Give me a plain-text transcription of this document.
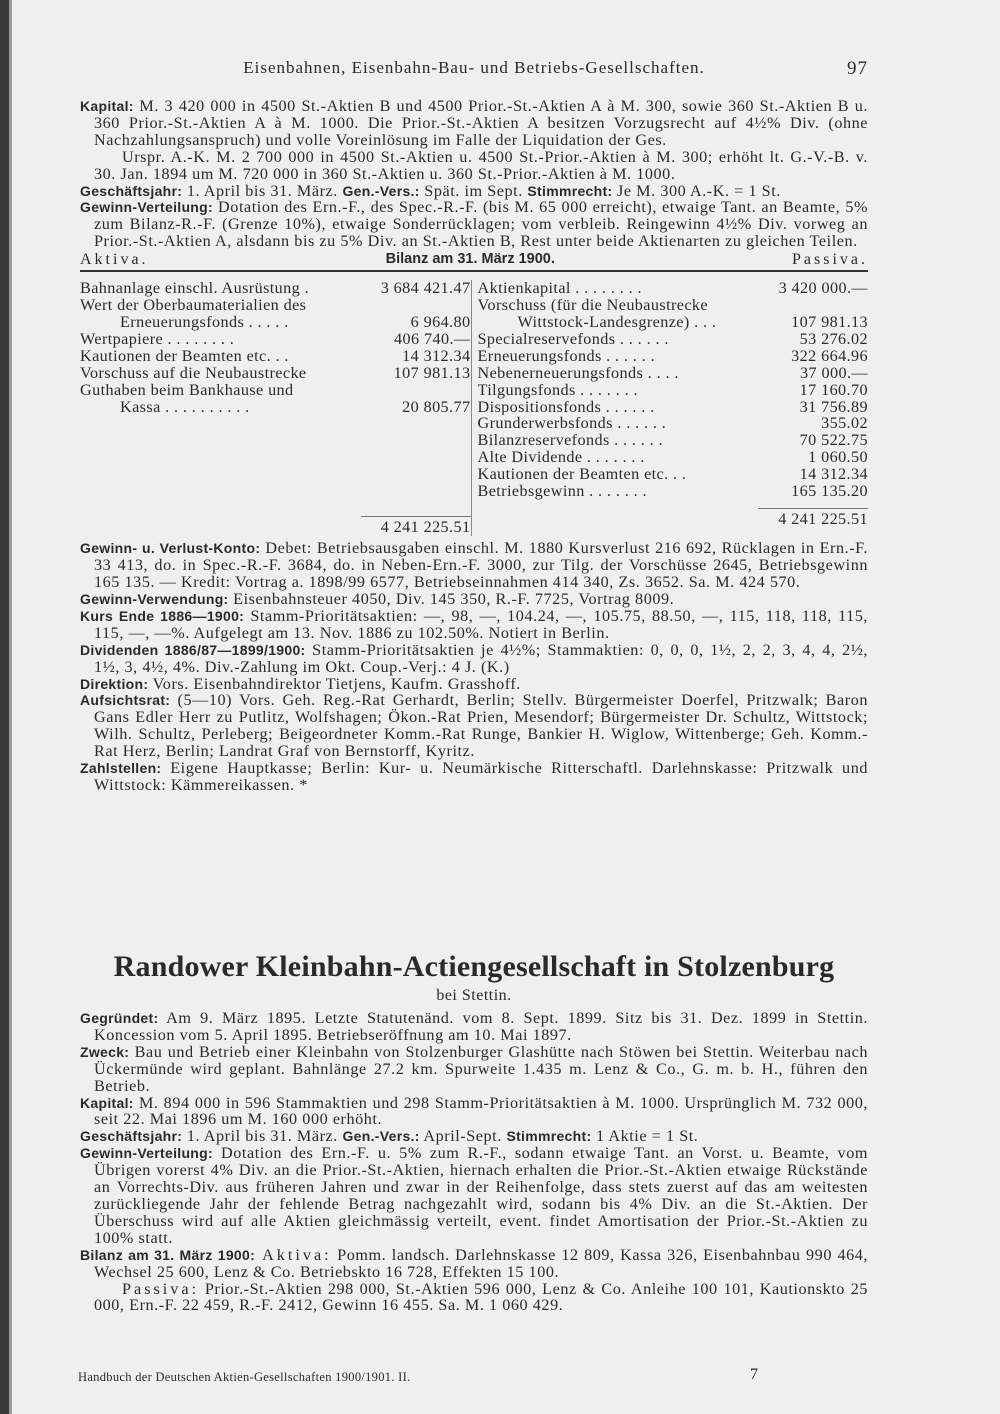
Eisenbahnen, Eisenbahn-Bau- und Betriebs-Gesellschaften.	97

Kapital: M. 3 420 000 in 4500 St.-Aktien B und 4500 Prior.-St.-Aktien A à M. 300, sowie 360 St.-Aktien B u. 360 Prior.-St.-Aktien A à M. 1000. Die Prior.-St.-Aktien A besitzen Vorzugsrecht auf 4½% Div. (ohne Nachzahlungsanspruch) und volle Voreinlösung im Falle der Liquidation der Ges.

Urspr. A.-K. M. 2 700 000 in 4500 St.-Aktien u. 4500 St.-Prior.-Aktien à M. 300; erhöht lt. G.-V.-B. v. 30. Jan. 1894 um M. 720 000 in 360 St.-Aktien u. 360 St.-Prior.-Aktien à M. 1000.

Geschäftsjahr: 1. April bis 31. März. Gen.-Vers.: Spät. im Sept. Stimmrecht: Je M. 300 A.-K. = 1 St.

Gewinn-Verteilung: Dotation des Ern.-F., des Spec.-R.-F. (bis M. 65 000 erreicht), etwaige Tant. an Beamte, 5% zum Bilanz-R.-F. (Grenze 10%), etwaige Sonderrücklagen; vom verbleib. Reingewinn 4½% Div. vorweg an Prior.-St.-Aktien A, alsdann bis zu 5% Div. an St.-Aktien B, Rest unter beide Aktienarten zu gleichen Teilen.

Aktiva.	Bilanz am 31. März 1900.	Passiva.
Bahnanlage einschl. Ausrüstung .	3 684 421.47
Wert der Oberbaumaterialien des
Erneuerungsfonds . . . . .	6 964.80
Wertpapiere . . . . . . . .	406 740.—
Kautionen der Beamten etc. . .	14 312.34
Vorschuss auf die Neubaustrecke	107 981.13
Guthaben beim Bankhause und
Kassa . . . . . . . . . .	20 805.77
4 241 225.51
Aktienkapital . . . . . . . .	3 420 000.—
Vorschuss (für die Neubaustrecke
Wittstock-Landesgrenze) . . .	107 981.13
Specialreservefonds . . . . . .	53 276.02
Erneuerungsfonds . . . . . .	322 664.96
Nebenerneuerungsfonds . . . .	37 000.—
Tilgungsfonds . . . . . . .	17 160.70
Dispositionsfonds . . . . . .	31 756.89
Grunderwerbsfonds . . . . . .	355.02
Bilanzreservefonds . . . . . .	70 522.75
Alte Dividende . . . . . . .	1 060.50
Kautionen der Beamten etc. . .	14 312.34
Betriebsgewinn . . . . . . .	165 135.20
4 241 225.51

Gewinn- u. Verlust-Konto: Debet: Betriebsausgaben einschl. M. 1880 Kursverlust 216 692, Rücklagen in Ern.-F. 33 413, do. in Spec.-R.-F. 3684, do. in Neben-Ern.-F. 3000, zur Tilg. der Vorschüsse 2645, Betriebsgewinn 165 135. — Kredit: Vortrag a. 1898/99 6577, Betriebseinnahmen 414 340, Zs. 3652. Sa. M. 424 570.

Gewinn-Verwendung: Eisenbahnsteuer 4050, Div. 145 350, R.-F. 7725, Vortrag 8009.

Kurs Ende 1886—1900: Stamm-Prioritätsaktien: —, 98, —, 104.24, —, 105.75, 88.50, —, 115, 118, 118, 115, 115, —, —%. Aufgelegt am 13. Nov. 1886 zu 102.50%. Notiert in Berlin.

Dividenden 1886/87—1899/1900: Stamm-Prioritätsaktien je 4½%; Stammaktien: 0, 0, 0, 1½, 2, 2, 3, 4, 4, 2½, 1½, 3, 4½, 4%. Div.-Zahlung im Okt. Coup.-Verj.: 4 J. (K.)

Direktion: Vors. Eisenbahndirektor Tietjens, Kaufm. Grasshoff.

Aufsichtsrat: (5—10) Vors. Geh. Reg.-Rat Gerhardt, Berlin; Stellv. Bürgermeister Doerfel, Pritzwalk; Baron Gans Edler Herr zu Putlitz, Wolfshagen; Ökon.-Rat Prien, Mesendorf; Bürgermeister Dr. Schultz, Wittstock; Wilh. Schultz, Perleberg; Beigeordneter Komm.-Rat Runge, Bankier H. Wiglow, Wittenberge; Geh. Komm.-Rat Herz, Berlin; Landrat Graf von Bernstorff, Kyritz.

Zahlstellen: Eigene Hauptkasse; Berlin: Kur- u. Neumärkische Ritterschaftl. Darlehnskasse: Pritzwalk und Wittstock: Kämmereikassen. *

Randower Kleinbahn-Actiengesellschaft in Stolzenburg
bei Stettin.

Gegründet: Am 9. März 1895. Letzte Statutenänd. vom 8. Sept. 1899. Sitz bis 31. Dez. 1899 in Stettin. Koncession vom 5. April 1895. Betriebseröffnung am 10. Mai 1897.

Zweck: Bau und Betrieb einer Kleinbahn von Stolzenburger Glashütte nach Stöwen bei Stettin. Weiterbau nach Ückermünde wird geplant. Bahnlänge 27.2 km. Spurweite 1.435 m. Lenz & Co., G. m. b. H., führen den Betrieb.

Kapital: M. 894 000 in 596 Stammaktien und 298 Stamm-Prioritätsaktien à M. 1000. Ursprünglich M. 732 000, seit 22. Mai 1896 um M. 160 000 erhöht.

Geschäftsjahr: 1. April bis 31. März. Gen.-Vers.: April-Sept. Stimmrecht: 1 Aktie = 1 St.

Gewinn-Verteilung: Dotation des Ern.-F. u. 5% zum R.-F., sodann etwaige Tant. an Vorst. u. Beamte, vom Übrigen vorerst 4% Div. an die Prior.-St.-Aktien, hiernach erhalten die Prior.-St.-Aktien etwaige Rückstände an Vorrechts-Div. aus früheren Jahren und zwar in der Reihenfolge, dass stets zuerst auf das am weitesten zurückliegende Jahr der fehlende Betrag nachgezahlt wird, sodann bis 4% Div. an die St.-Aktien. Der Überschuss wird auf alle Aktien gleichmässig verteilt, event. findet Amortisation der Prior.-St.-Aktien zu 100% statt.

Bilanz am 31. März 1900: Aktiva: Pomm. landsch. Darlehnskasse 12 809, Kassa 326, Eisenbahnbau 990 464, Wechsel 25 600, Lenz & Co. Betriebskto 16 728, Effekten 15 100.

Passiva: Prior.-St.-Aktien 298 000, St.-Aktien 596 000, Lenz & Co. Anleihe 100 101, Kautionskto 25 000, Ern.-F. 22 459, R.-F. 2412, Gewinn 16 455. Sa. M. 1 060 429.

Handbuch der Deutschen Aktien-Gesellschaften 1900/1901. II.	7
